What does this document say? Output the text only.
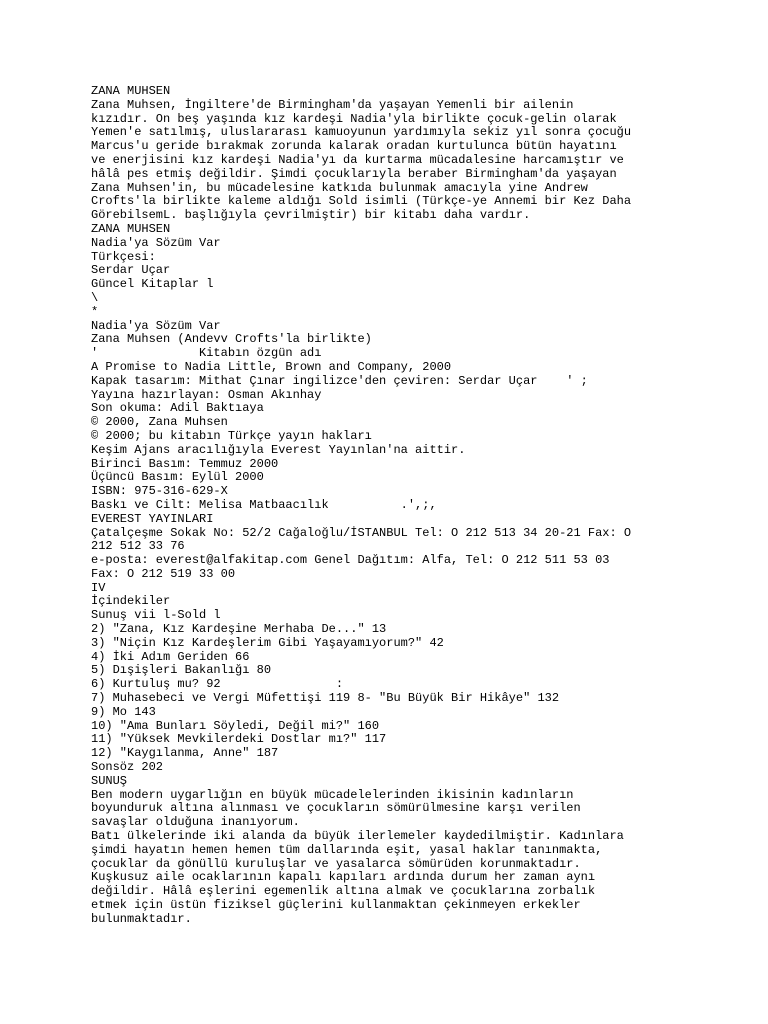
ZANA MUHSEN
Zana Muhsen, İngiltere'de Birmingham'da yaşayan Yemenli bir ailenin
kızıdır. On beş yaşında kız kardeşi Nadia'yla birlikte çocuk-gelin olarak
Yemen'e satılmış, uluslararası kamuoyunun yardımıyla sekiz yıl sonra çocuğu
Marcus'u geride bırakmak zorunda kalarak oradan kurtulunca bütün hayatını
ve enerjisini kız kardeşi Nadia'yı da kurtarma mücadalesine harcamıştır ve
hâlâ pes etmiş değildir. Şimdi çocuklarıyla beraber Birmingham'da yaşayan
Zana Muhsen'in, bu mücadelesine katkıda bulunmak amacıyla yine Andrew
Crofts'la birlikte kaleme aldığı Sold isimli (Türkçe-ye Annemi bir Kez Daha
GörebilsemL. başlığıyla çevrilmiştir) bir kitabı daha vardır.
ZANA MUHSEN
Nadia'ya Sözüm Var
Türkçesi:
Serdar Uçar
Güncel Kitaplar l
\
*
Nadia'ya Sözüm Var
Zana Muhsen (Andevv Crofts'la birlikte)
'              Kitabın özgün adı
A Promise to Nadia Little, Brown and Company, 2000
Kapak tasarım: Mithat Çınar ingilizce'den çeviren: Serdar Uçar    ' ;
Yayına hazırlayan: Osman Akınhay
Son okuma: Adil Baktıaya
© 2000, Zana Muhsen
© 2000; bu kitabın Türkçe yayın hakları
Keşim Ajans aracılığıyla Everest Yayınlan'na aittir.
Birinci Basım: Temmuz 2000
Üçüncü Basım: Eylül 2000
ISBN: 975-316-629-X
Baskı ve Cilt: Melisa Matbaacılık          .',;,
EVEREST YAYINLARI
Çatalçeşme Sokak No: 52/2 Cağaloğlu/İSTANBUL Tel: O 212 513 34 20-21 Fax: O
212 512 33 76
e-posta: everest@alfakitap.com Genel Dağıtım: Alfa, Tel: O 212 511 53 03
Fax: O 212 519 33 00
IV
İçindekiler
Sunuş vii l-Sold l
2) "Zana, Kız Kardeşine Merhaba De..." 13
3) "Niçin Kız Kardeşlerim Gibi Yaşayamıyorum?" 42
4) İki Adım Geriden 66
5) Dışişleri Bakanlığı 80
6) Kurtuluş mu? 92                :
7) Muhasebeci ve Vergi Müfettişi 119 8- "Bu Büyük Bir Hikâye" 132
9) Mo 143
10) "Ama Bunları Söyledi, Değil mi?" 160
11) "Yüksek Mevkilerdeki Dostlar mı?" 117
12) "Kaygılanma, Anne" 187
Sonsöz 202
SUNUŞ
Ben modern uygarlığın en büyük mücadelelerinden ikisinin kadınların
boyunduruk altına alınması ve çocukların sömürülmesine karşı verilen
savaşlar olduğuna inanıyorum.
Batı ülkelerinde iki alanda da büyük ilerlemeler kaydedilmiştir. Kadınlara
şimdi hayatın hemen hemen tüm dallarında eşit, yasal haklar tanınmakta,
çocuklar da gönüllü kuruluşlar ve yasalarca sömürüden korunmaktadır.
Kuşkusuz aile ocaklarının kapalı kapıları ardında durum her zaman aynı
değildir. Hâlâ eşlerini egemenlik altına almak ve çocuklarına zorbalık
etmek için üstün fiziksel güçlerini kullanmaktan çekinmeyen erkekler
bulunmaktadır.
